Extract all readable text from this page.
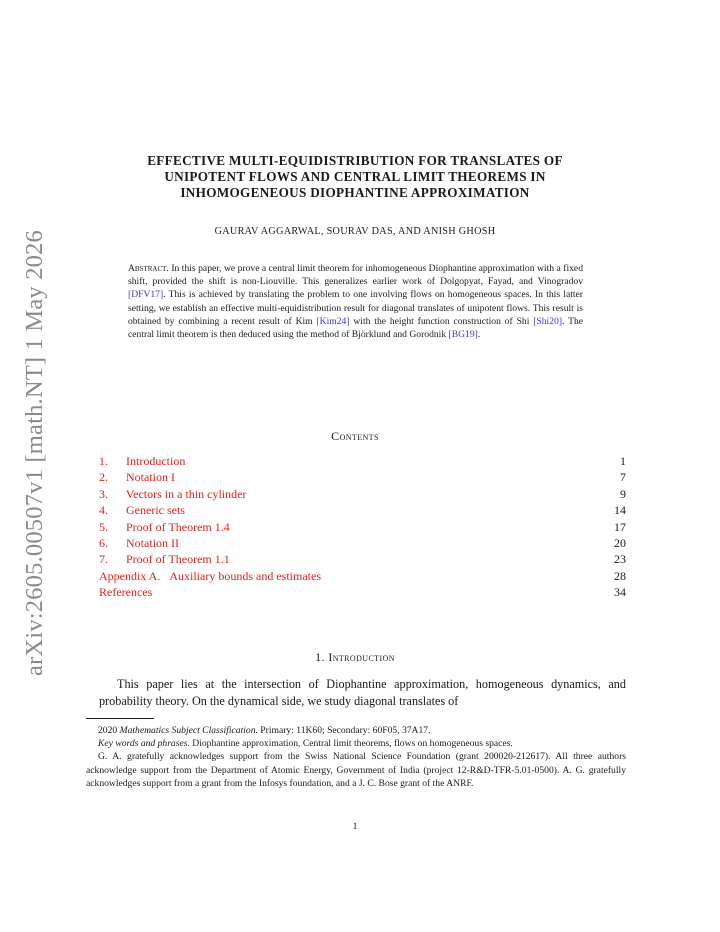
arXiv:2605.00507v1 [math.NT] 1 May 2026
EFFECTIVE MULTI-EQUIDISTRIBUTION FOR TRANSLATES OF
UNIPOTENT FLOWS AND CENTRAL LIMIT THEOREMS IN
INHOMOGENEOUS DIOPHANTINE APPROXIMATION
GAURAV AGGARWAL, SOURAV DAS, AND ANISH GHOSH
Abstract. In this paper, we prove a central limit theorem for inhomogeneous Diophantine approximation with a fixed shift, provided the shift is non-Liouville. This generalizes earlier work of Dolgopyat, Fayad, and Vinogradov [DFV17]. This is achieved by translating the problem to one involving flows on homogeneous spaces. In this latter setting, we establish an effective multi-equidistribution result for diagonal translates of unipotent flows. This result is obtained by combining a recent result of Kim [Kim24] with the height function construction of Shi [Shi20]. The central limit theorem is then deduced using the method of Björklund and Gorodnik [BG19].
Contents
1. Introduction	1
2. Notation I	7
3. Vectors in a thin cylinder	9
4. Generic sets	14
5. Proof of Theorem 1.4	17
6. Notation II	20
7. Proof of Theorem 1.1	23
Appendix A. Auxiliary bounds and estimates	28
References	34
1. Introduction
This paper lies at the intersection of Diophantine approximation, homogeneous dynamics, and probability theory. On the dynamical side, we study diagonal translates of

2020 Mathematics Subject Classification. Primary: 11K60; Secondary: 60F05, 37A17.

Key words and phrases. Diophantine approximation, Central limit theorems, flows on homogeneous spaces.

G. A. gratefully acknowledges support from the Swiss National Science Foundation (grant 200020-212617). All three authors acknowledge support from the Department of Atomic Energy, Government of India (project 12-R&D-TFR-5.01-0500). A. G. gratefully acknowledges support from a grant from the Infosys foundation, and a J. C. Bose grant of the ANRF.

1
